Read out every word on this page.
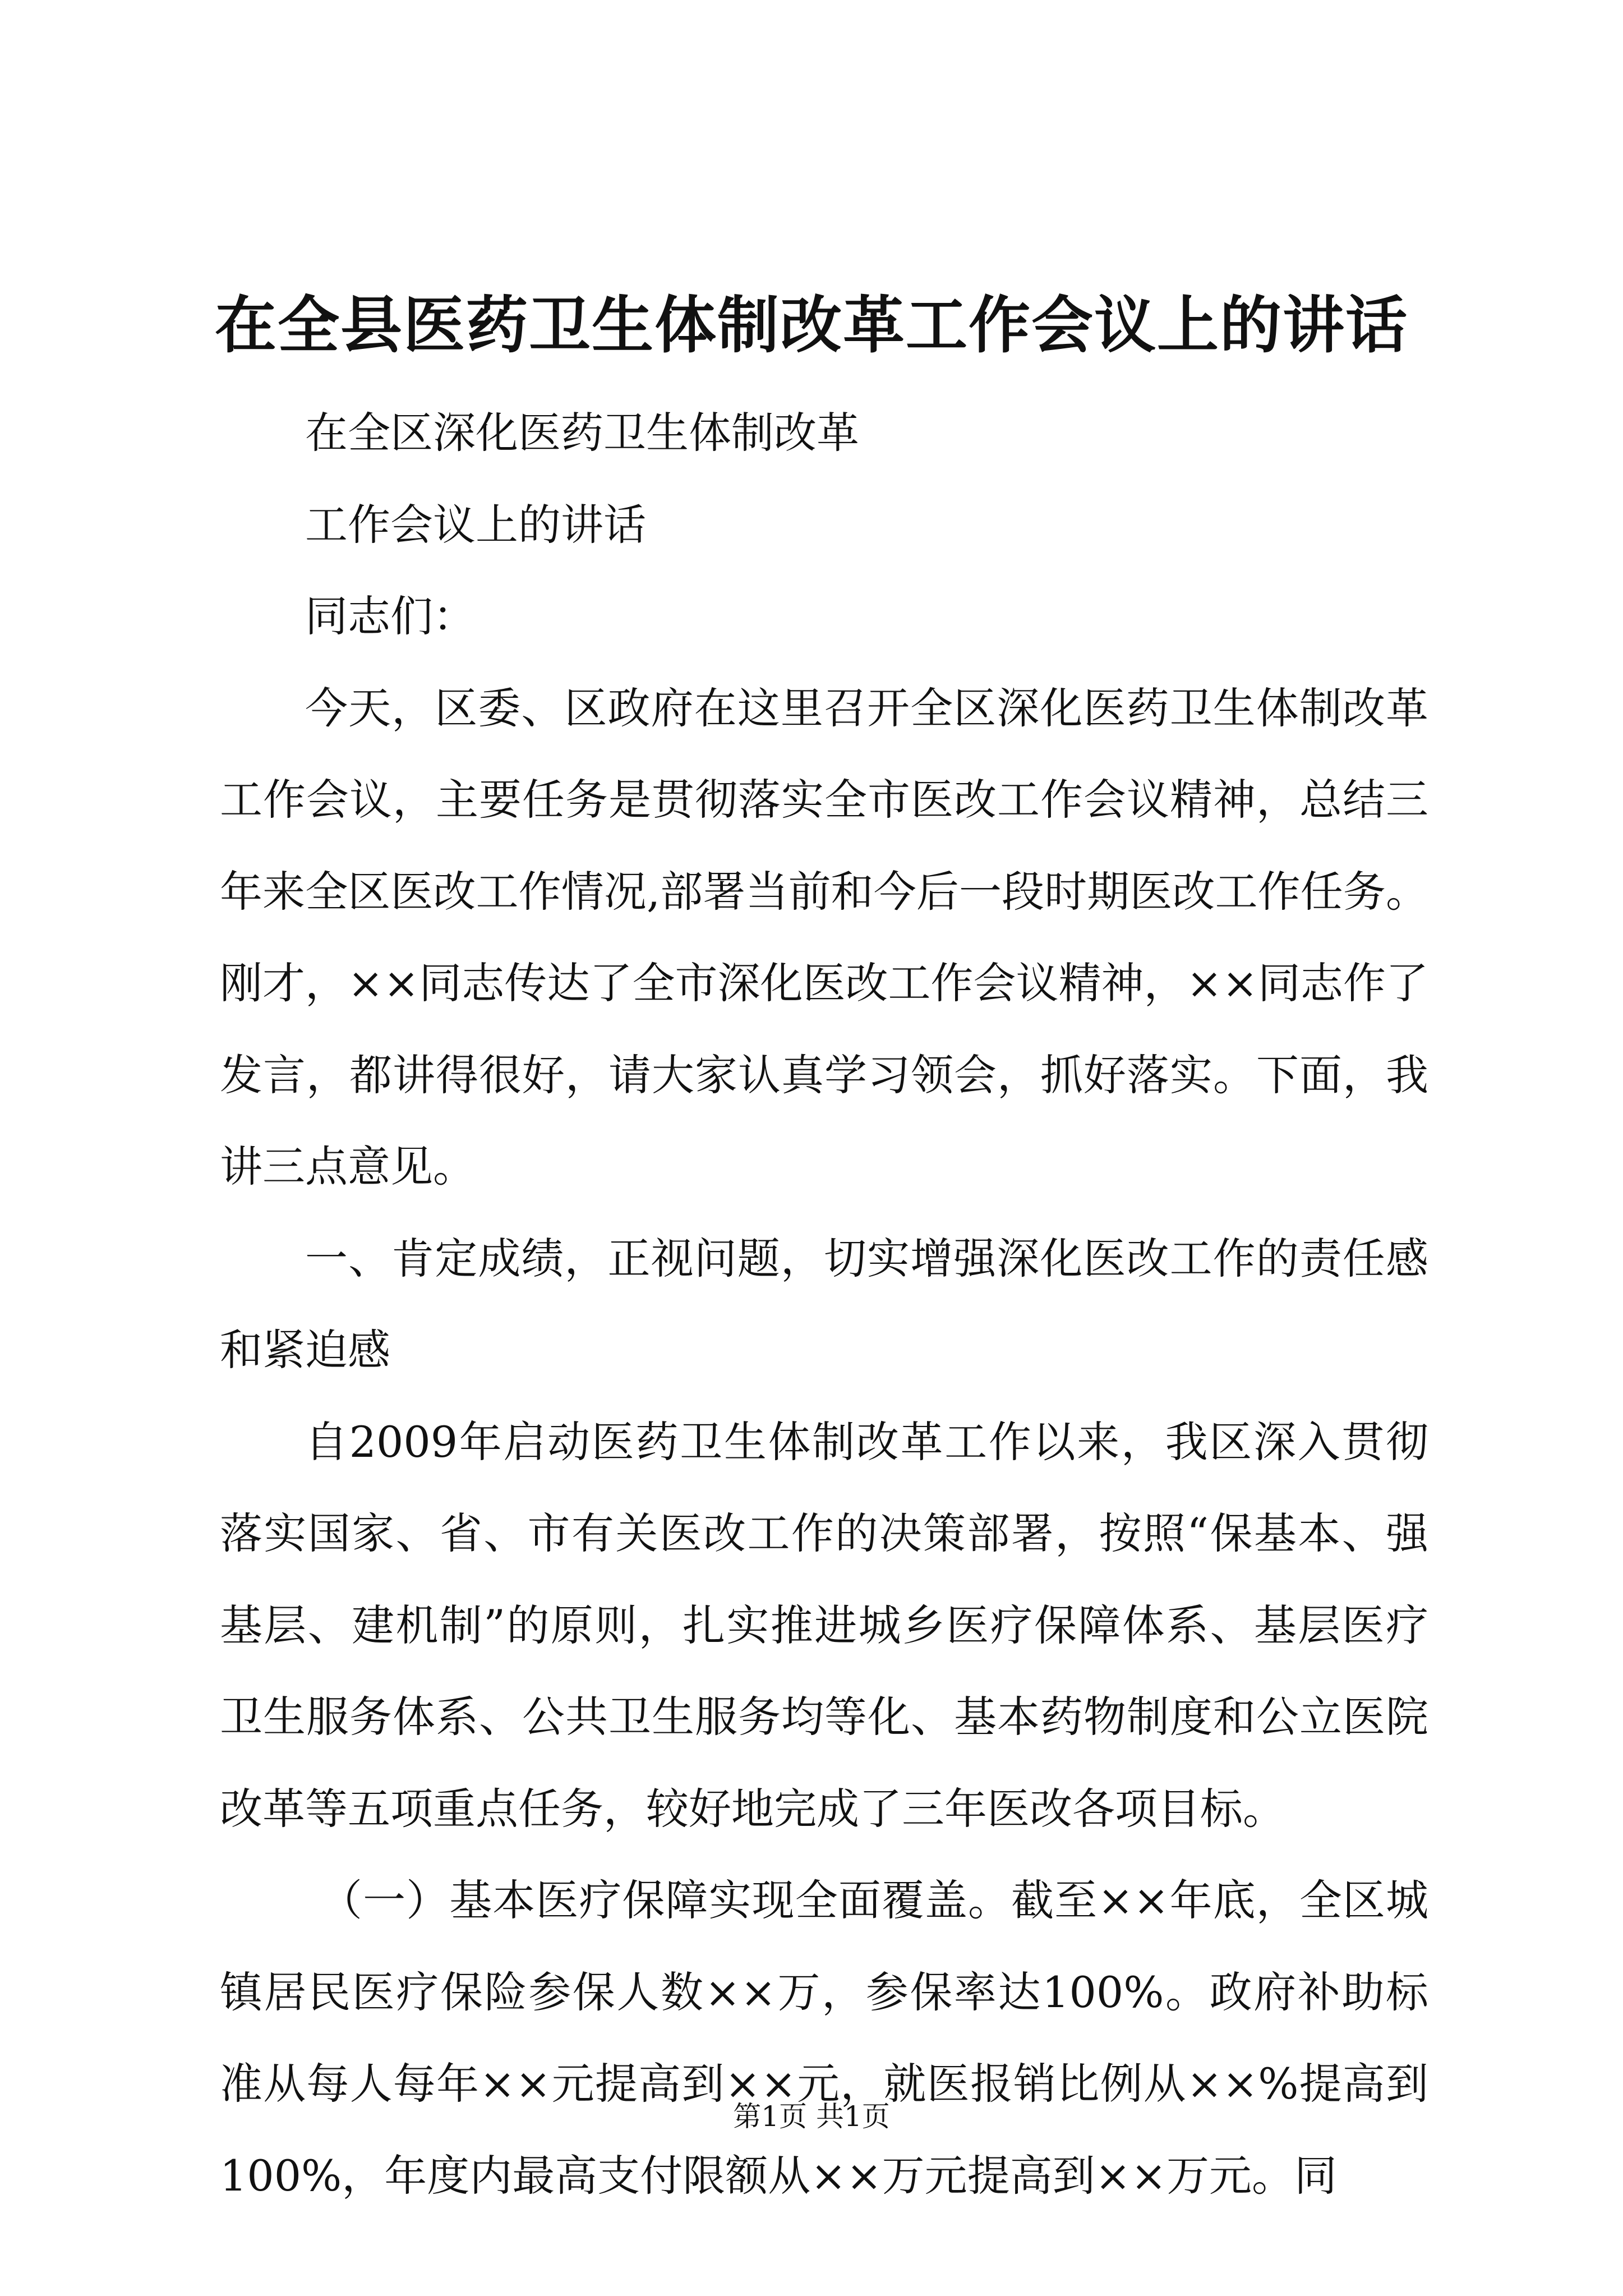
在全县医药卫生体制改革工作会议上的讲话

在全区深化医药卫生体制改革

工作会议上的讲话

同志们：

今天，区委、区政府在这里召开全区深化医药卫生体制改革工作会议，主要任务是贯彻落实全市医改工作会议精神，总结三年来全区医改工作情况,部署当前和今后一段时期医改工作任务。刚才，××同志传达了全市深化医改工作会议精神，××同志作了发言，都讲得很好，请大家认真学习领会，抓好落实。下面，我讲三点意见。

一、肯定成绩，正视问题，切实增强深化医改工作的责任感和紧迫感

自2009年启动医药卫生体制改革工作以来，我区深入贯彻落实国家、省、市有关医改工作的决策部署，按照“保基本、强基层、建机制”的原则，扎实推进城乡医疗保障体系、基层医疗卫生服务体系、公共卫生服务均等化、基本药物制度和公立医院改革等五项重点任务，较好地完成了三年医改各项目标。

（一）基本医疗保障实现全面覆盖。截至××年底，全区城镇居民医疗保险参保人数××万，参保率达100%。政府补助标准从每人每年××元提高到××元，就医报销比例从××%提高到100%，年度内最高支付限额从××万元提高到××万元。同

第1页 共1页
